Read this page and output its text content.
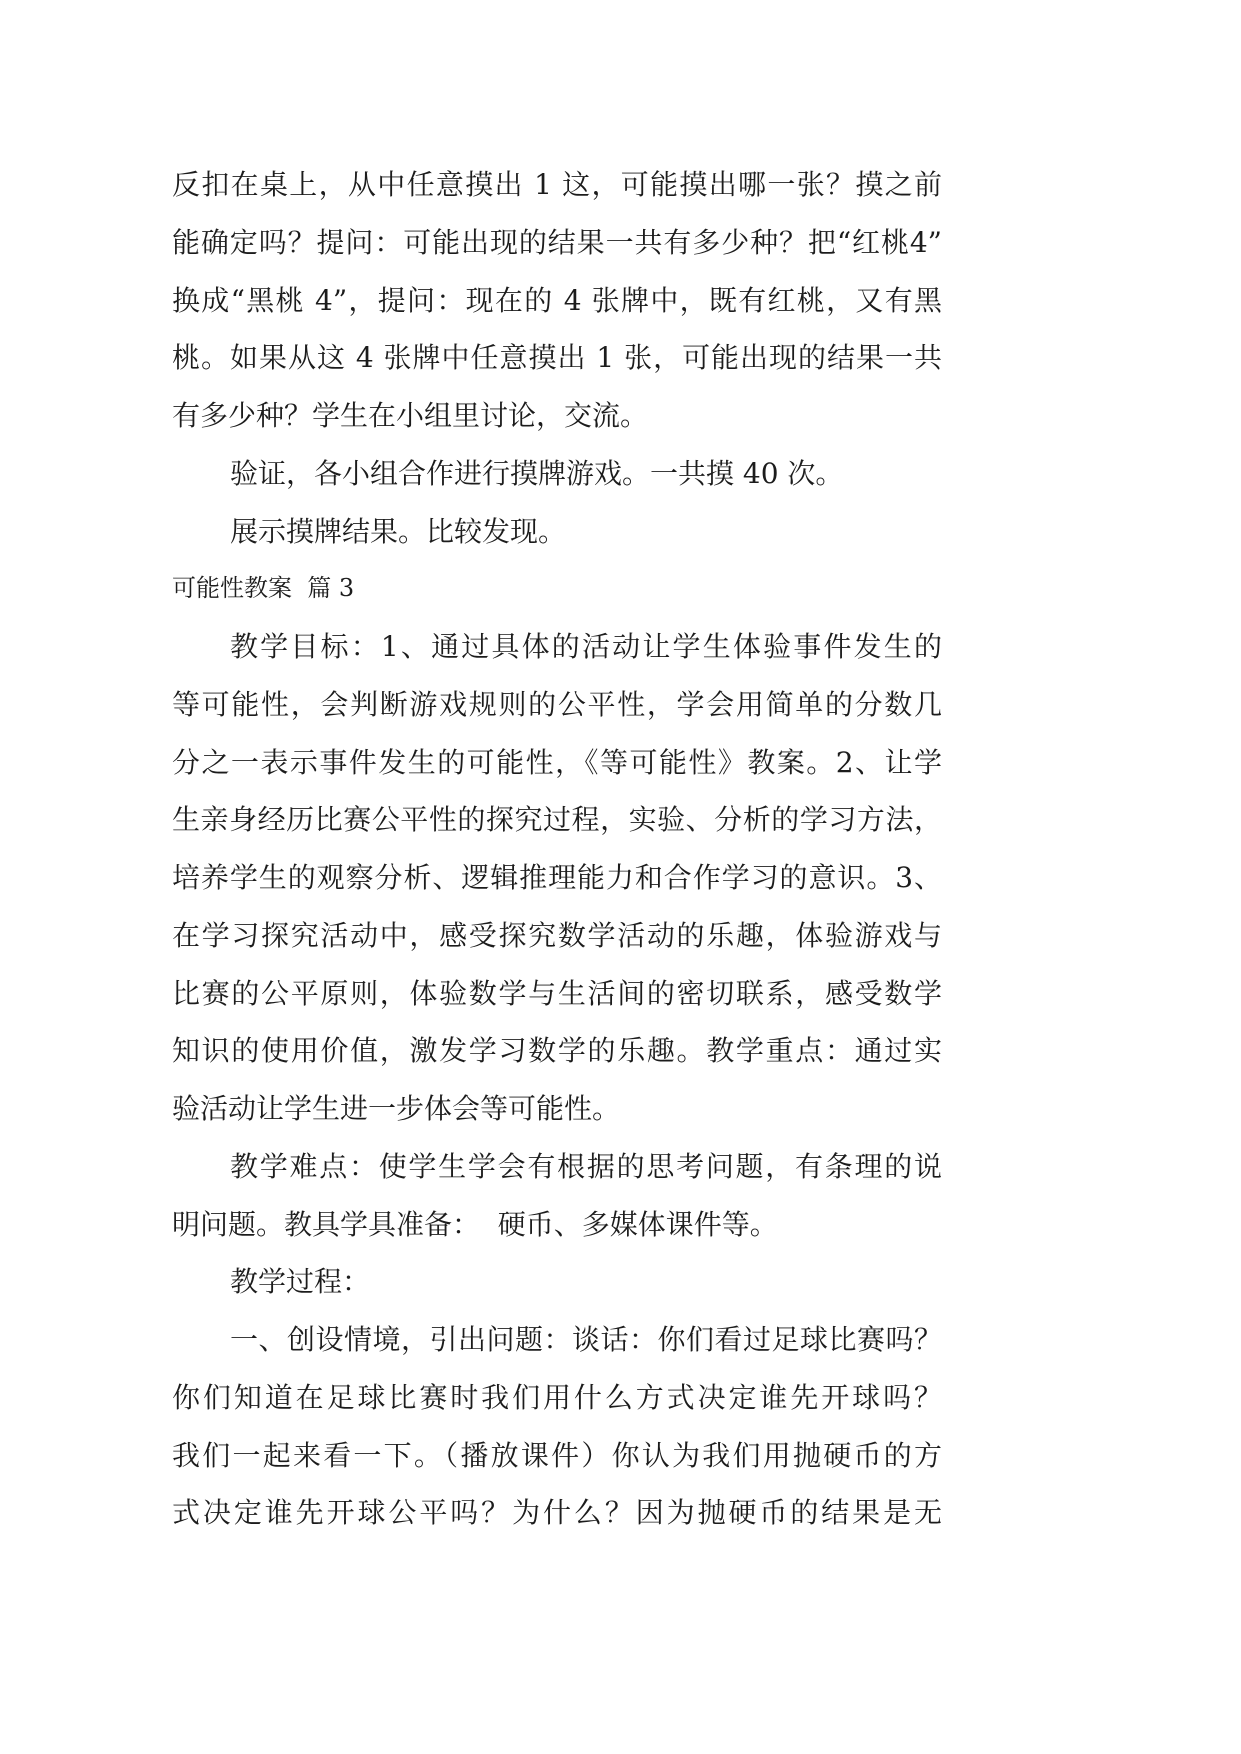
反扣在桌上，从中任意摸出 1 这，可能摸出哪一张？摸之前
能确定吗？提问：可能出现的结果一共有多少种？把“红桃4”
换成“黑桃 4”，提问：现在的 4 张牌中，既有红桃，又有黑
桃。如果从这 4 张牌中任意摸出 1 张，可能出现的结果一共
有多少种？学生在小组里讨论，交流。
验证，各小组合作进行摸牌游戏。一共摸 40 次。
展示摸牌结果。比较发现。
可能性教案  篇 3
教学目标：1、通过具体的活动让学生体验事件发生的
等可能性，会判断游戏规则的公平性，学会用简单的分数几
分之一表示事件发生的可能性，《等可能性》教案。2、让学
生亲身经历比赛公平性的探究过程，实验、分析的学习方法，
培养学生的观察分析、逻辑推理能力和合作学习的意识。3、
在学习探究活动中，感受探究数学活动的乐趣，体验游戏与
比赛的公平原则，体验数学与生活间的密切联系，感受数学
知识的使用价值，激发学习数学的乐趣。教学重点：通过实
验活动让学生进一步体会等可能性。
教学难点：使学生学会有根据的思考问题，有条理的说
明问题。教具学具准备：  硬币、多媒体课件等。
教学过程：
一、创设情境，引出问题：谈话：你们看过足球比赛吗？
你们知道在足球比赛时我们用什么方式决定谁先开球吗？
我们一起来看一下。（播放课件）你认为我们用抛硬币的方
式决定谁先开球公平吗？为什么？因为抛硬币的结果是无
